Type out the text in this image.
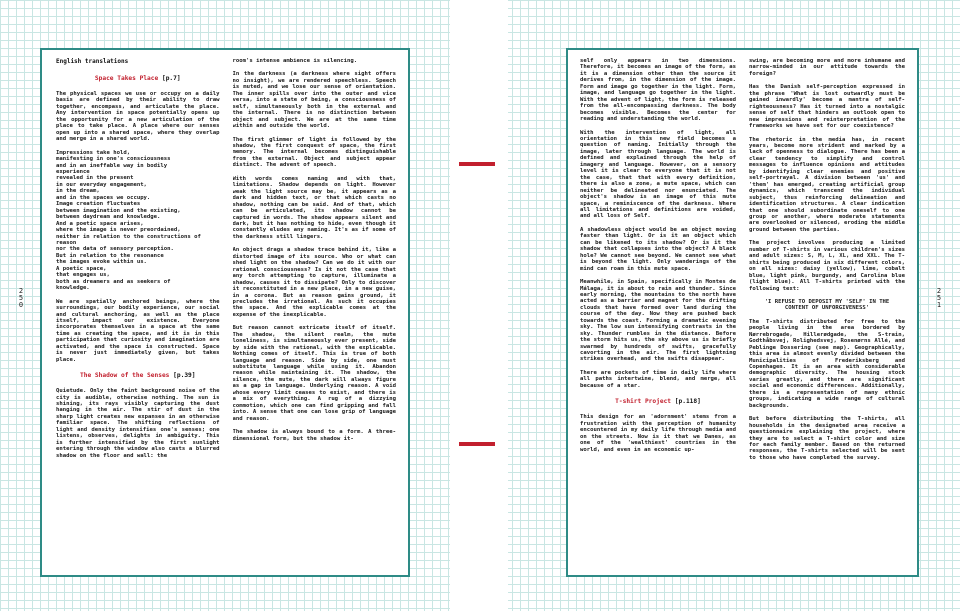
2
5
0
2
5
1
English translations
Space Takes Place [p.7]

The physical spaces we use or occupy on a daily basis are defined by their ability to draw together, encompass, and articulate the place. Any intervention in space potentially opens up the opportunity for a new articulation of the place to take place. A place where our senses open up into a shared space, where they overlap and merge in a shared world.

Impressions take hold,
manifesting in one's consciousness
and in an ineffable way in bodily
experience
revealed in the present
in our everyday engagement,
in the dream,
and in the spaces we occupy.
Image creation fluctuates
between imagination and the existing,
between daydream and knowledge.
And a poetic space arises,
where the image is never preordained,
neither in relation to the constructions of reason
nor the data of sensory perception.
But in relation to the resonance
the images evoke within us.
A poetic space,
that engages us,
both as dreamers and as seekers of
knowledge.

We are spatially anchored beings, where the surroundings, our bodily experience, our social and cultural anchoring, as well as the place itself, impact our existence. Everyone incorporates themselves in a space at the same time as creating the space, and it is in this participation that curiosity and imagination are activated, and the space is constructed. Space is never just immediately given, but takes place.

The Shadow of the Senses [p.39]

Quietude. Only the faint background noise of the city is audible, otherwise nothing. The sun is shining, its rays visibly capturing the dust hanging in the air. The stir of dust in the sharp light creates new expanses in an otherwise familiar space. The shifting reflections of light and density intensifies one's senses; one listens, observes, delights in ambiguity. This is further intensified by the first sunlight entering through the window also casts a blurred shadow on the floor and wall: the

room's intense ambience is silencing.

In the darkness (a darkness where sight offers no insight), we are rendered speechless. Speech is muted, and we lose our sense of orientation. The inner spills over into the outer and vice versa, into a state of being, a consciousness of self, simultaneously both in the external and the internal. There is no distinction between object and subject. We are at the same time within and outside the world.

The first glimmer of light is followed by the shadow, the first conquest of space, the first memory. The internal becomes distinguishable from the external. Object and subject appear distinct. The advent of speech.

With words comes naming and with that, limitations. Shadow depends on light. However weak the light source may be, it appears as a dark and hidden text, or that which casts no shadow, nothing can be said. And of that, which can be articulated, its shadow cannot be captured in words. The shadow appears silent and dark, but it has nothing to hide, even though it constantly eludes any naming. It's as if some of the darkness still lingers.

An object drags a shadow trace behind it, like a distorted image of its source. Who or what can shed light on the shadow? Can we do it with our rational consciousness? Is it not the case that any torch attempting to capture, illuminate a shadow, causes it to dissipate? Only to discover it reconstituted in a new place, in a new guise, in a corona. But as reason gains ground, it precludes the irrational. As such it occupies the space. And the explicable comes at the expense of the inexplicable.

But reason cannot extricate itself of itself. The shadow, the silent realm, the mute loneliness, is simultaneously ever present, side by side with the rational, with the explicable. Nothing comes of itself. This is true of both language and reason. Side by side, one must substitute language while using it. Abandon reason while maintaining it. The shadow, the silence, the mute, the dark will always figure as a gap in language. Underlying reason. A void whose every limit ceases to exist, and there is a mix of everything. A rug of a dizzying commotion, which one can find gripping and fall into. A sense that one can lose grip of language and reason.

The shadow is always bound to a form. A three-dimensional form, but the shadow it-

self only appears in two dimensions. Therefore, it becomes an image of the form, as it is a dimension other than the source it derives from, in the dimension of the image. Form and image go together in the light. Form, image, and language go together in the light. With the advent of light, the form is released from the all-encompassing darkness. The body becomes visible. Becomes the center for reading and understanding the world.

With the intervention of light, all orientation in this new field becomes a question of naming. Initially through the image, later through language. The world is defined and explained through the help of imagery and language. However, on a sensory level it is clear to everyone that it is not the case, that that with every definition, there is also a zone, a mute space, which can neither be delineated nor enunciated. The object's shadow is an image of this mute space, a reminiscence of the darkness. Where all limitations and definitions are voided, and all loss of Self.

A shadowless object would be an object moving faster than light. Or is it an object which can be likened to its shadow? Or is it the shadow that collapses into the object? A black hole? We cannot see beyond. We cannot see what is beyond the light. Only wanderings of the mind can roam in this mute space.

Meanwhile, in Spain, specifically in Montes de Málaga, it is about to rain and thunder. Since early morning, the mountains to the north have acted as a barrier and magnet for the drifting clouds that have formed over land during the course of the day. Now they are pushed back towards the coast. Forming a dramatic evening sky. The low sun intensifying contrasts in the sky. Thunder rumbles in the distance. Before the storm hits us, the sky above us is briefly swarmed by hundreds of swifts, gracefully cavorting in the air. The first lightning strikes overhead, and the swifts disappear.

There are pockets of time in daily life where all paths intertwine, blend, and merge, all because of a star.

T-shirt Project [p.118]

This design for an 'adornment' stems from a frustration with the perception of humanity encountered in my daily life through media and on the streets. Now is it that we Danes, as one of the 'wealthiest' countries in the world, and even in an economic up-

swing, are becoming more and more inhumane and narrow-minded in our attitude towards the foreign?

Has the Danish self-perception expressed in the phrase 'What is lost outwardly must be gained inwardly' become a mantra of self-righteousness? Has it turned into a nostalgic sense of self that hinders an outlook open to new impressions and reinterpretation of the frameworks we have set for our coexistence?

The rhetoric in the media has, in recent years, become more strident and marked by a lack of openness to dialogue. There has been a clear tendency to simplify and control messages to influence opinions and attitudes by identifying clear enemies and positive self-portrayal. A division between 'us' and 'them' has emerged, creating artificial group dynamics, which transcend the individual subject, thus reinforcing delineation and identification structures. A clear indication that one should subordinate oneself to one group or another, where moderate statements are overlooked or silenced, eroding the middle ground between the parties.

The project involves producing a limited number of T-shirts in various children's sizes and adult sizes: S, M, L, XL, and XXL. The T-shirts being produced in six different colors, on all sizes: daisy (yellow), lime, cobalt blue, light pink, burgundy, and Carolina blue (light blue). All T-shirts printed with the following text:

'I REFUSE TO DEPOSIT MY 'SELF' IN THE
CONTENT OF UNFORGIVENESS'

The T-shirts distributed for free to the people living in the area bordered by Nørrebrogade, Hillerødgade, the S-train, Godthåbsvej, Rolighedsvej, Rosenørns Allé, and Peblinge Dossering (see map). Geographically, this area is almost evenly divided between the Municipalities of Frederiksberg and Copenhagen. It is an area with considerable demographic diversity. The housing stock varies greatly, and there are significant social and economic differences. Additionally, there is a representation of many ethnic groups, indicating a wide range of cultural backgrounds.

But before distributing the T-shirts, all households in the designated area receive a questionnaire explaining the project, where they are to select a T-shirt color and size for each family member. Based on the returned responses, the T-shirts selected will be sent to those who have completed the survey.
